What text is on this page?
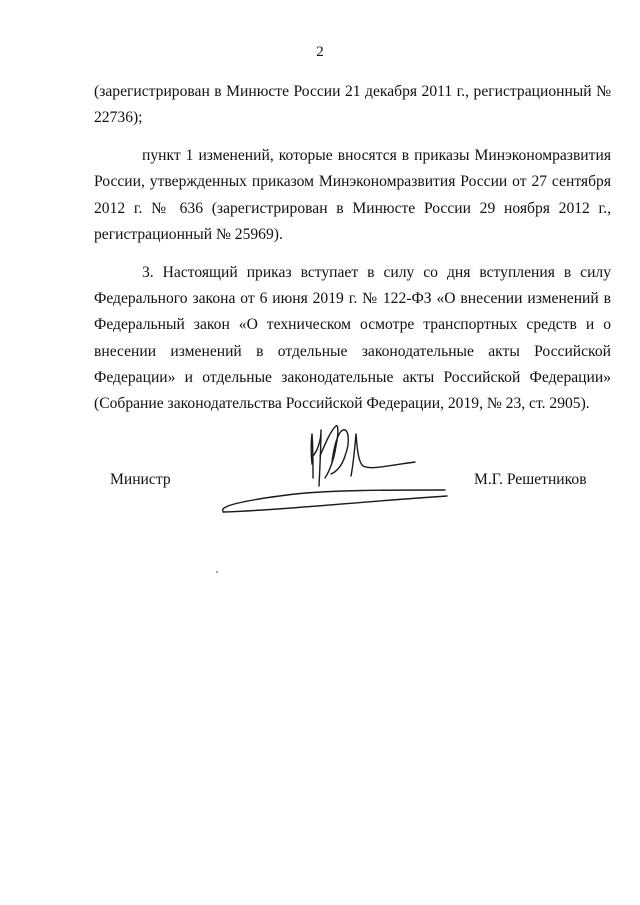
2

(зарегистрирован в Минюсте России 21 декабря 2011 г., регистрационный № 22736);

пункт 1 изменений, которые вносятся в приказы Минэкономразвития России, утвержденных приказом Минэкономразвития России от 27 сентября 2012 г. № 636 (зарегистрирован в Минюсте России 29 ноября 2012 г., регистрационный № 25969).

3. Настоящий приказ вступает в силу со дня вступления в силу Федерального закона от 6 июня 2019 г. № 122-ФЗ «О внесении изменений в Федеральный закон «О техническом осмотре транспортных средств и о внесении изменений в отдельные законодательные акты Российской Федерации» и отдельные законодательные акты Российской Федерации» (Собрание законодательства Российской Федерации, 2019, № 23, ст. 2905).

Министр	М.Г. Решетников
